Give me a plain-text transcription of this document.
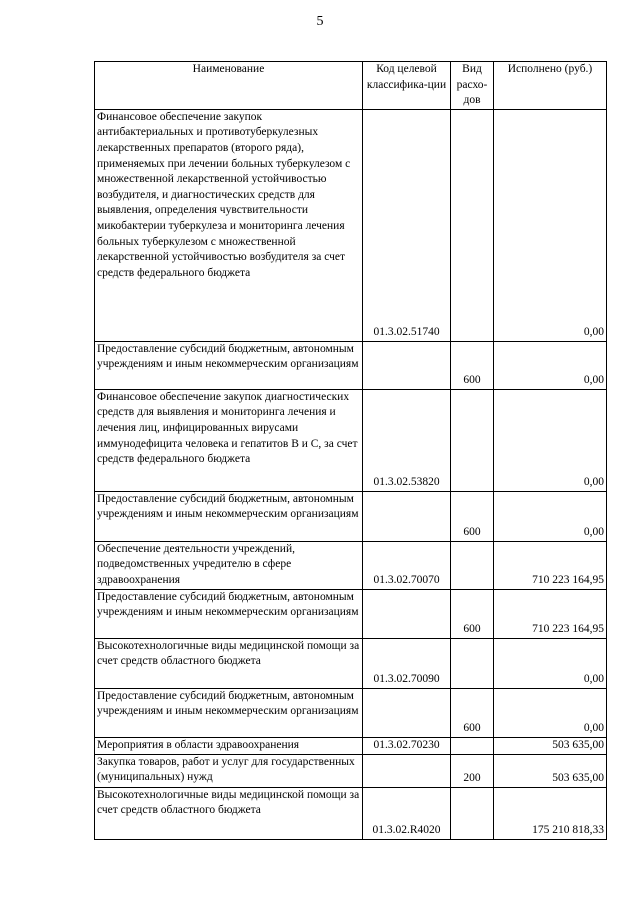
5
Наименование	Код целевой классифика-ции	Вид расхо-дов	Исполнено (руб.)
Финансовое обеспечение закупок антибактериальных и противотуберкулезных лекарственных препаратов (второго ряда), применяемых при лечении больных туберкулезом с множественной лекарственной устойчивостью возбудителя, и диагностических средств для выявления, определения чувствительности микобактерии туберкулеза и мониторинга лечения больных туберкулезом с множественной лекарственной устойчивостью возбудителя за счет средств федерального бюджета	01.3.02.51740		0,00
Предоставление субсидий бюджетным, автономным учреждениям и иным некоммерческим организациям		600	0,00
Финансовое обеспечение закупок диагностических средств для выявления и мониторинга лечения и лечения лиц, инфицированных вирусами иммунодефицита человека и гепатитов В и С, за счет средств федерального бюджета	01.3.02.53820		0,00
Предоставление субсидий бюджетным, автономным учреждениям и иным некоммерческим организациям		600	0,00
Обеспечение деятельности учреждений, подведомственных учредителю в сфере здравоохранения	01.3.02.70070		710 223 164,95
Предоставление субсидий бюджетным, автономным учреждениям и иным некоммерческим организациям		600	710 223 164,95
Высокотехнологичные виды медицинской помощи за счет средств областного бюджета	01.3.02.70090		0,00
Предоставление субсидий бюджетным, автономным учреждениям и иным некоммерческим организациям		600	0,00
Мероприятия в области здравоохранения	01.3.02.70230		503 635,00
Закупка товаров, работ и услуг для государственных (муниципальных) нужд		200	503 635,00
Высокотехнологичные виды медицинской помощи за счет средств областного бюджета	01.3.02.R4020		175 210 818,33
